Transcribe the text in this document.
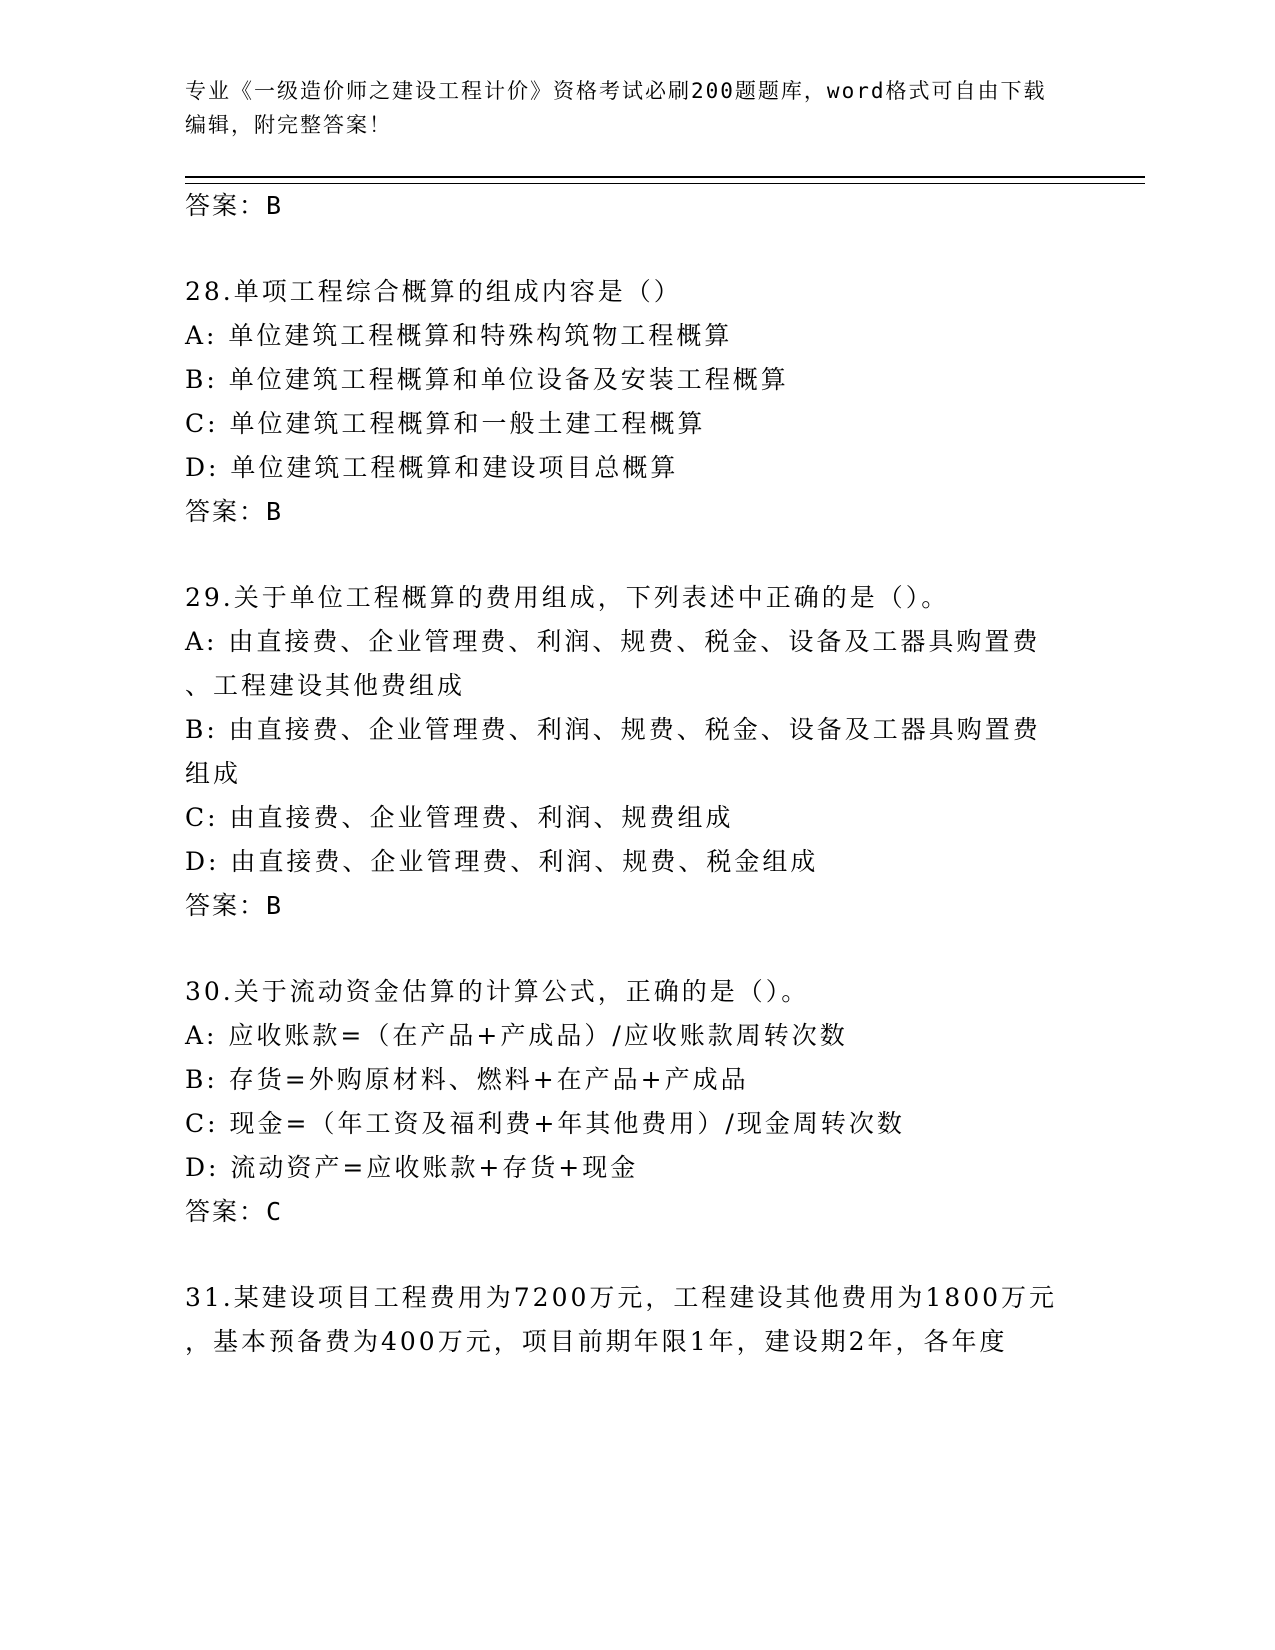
专业《一级造价师之建设工程计价》资格考试必刷200题题库，word格式可自由下载编辑，附完整答案！
答案：B
28.单项工程综合概算的组成内容是（）
A: 单位建筑工程概算和特殊构筑物工程概算
B: 单位建筑工程概算和单位设备及安装工程概算
C: 单位建筑工程概算和一般土建工程概算
D: 单位建筑工程概算和建设项目总概算
答案：B
29.关于单位工程概算的费用组成，下列表述中正确的是（）。
A: 由直接费、企业管理费、利润、规费、税金、设备及工器具购置费
、工程建设其他费组成
B: 由直接费、企业管理费、利润、规费、税金、设备及工器具购置费
组成
C: 由直接费、企业管理费、利润、规费组成
D: 由直接费、企业管理费、利润、规费、税金组成
答案：B
30.关于流动资金估算的计算公式，正确的是（）。
A: 应收账款=（在产品+产成品）/应收账款周转次数
B: 存货=外购原材料、燃料+在产品+产成品
C: 现金=（年工资及福利费+年其他费用）/现金周转次数
D: 流动资产=应收账款+存货+现金
答案：C
31.某建设项目工程费用为7200万元，工程建设其他费用为1800万元
，基本预备费为400万元，项目前期年限1年，建设期2年，各年度
